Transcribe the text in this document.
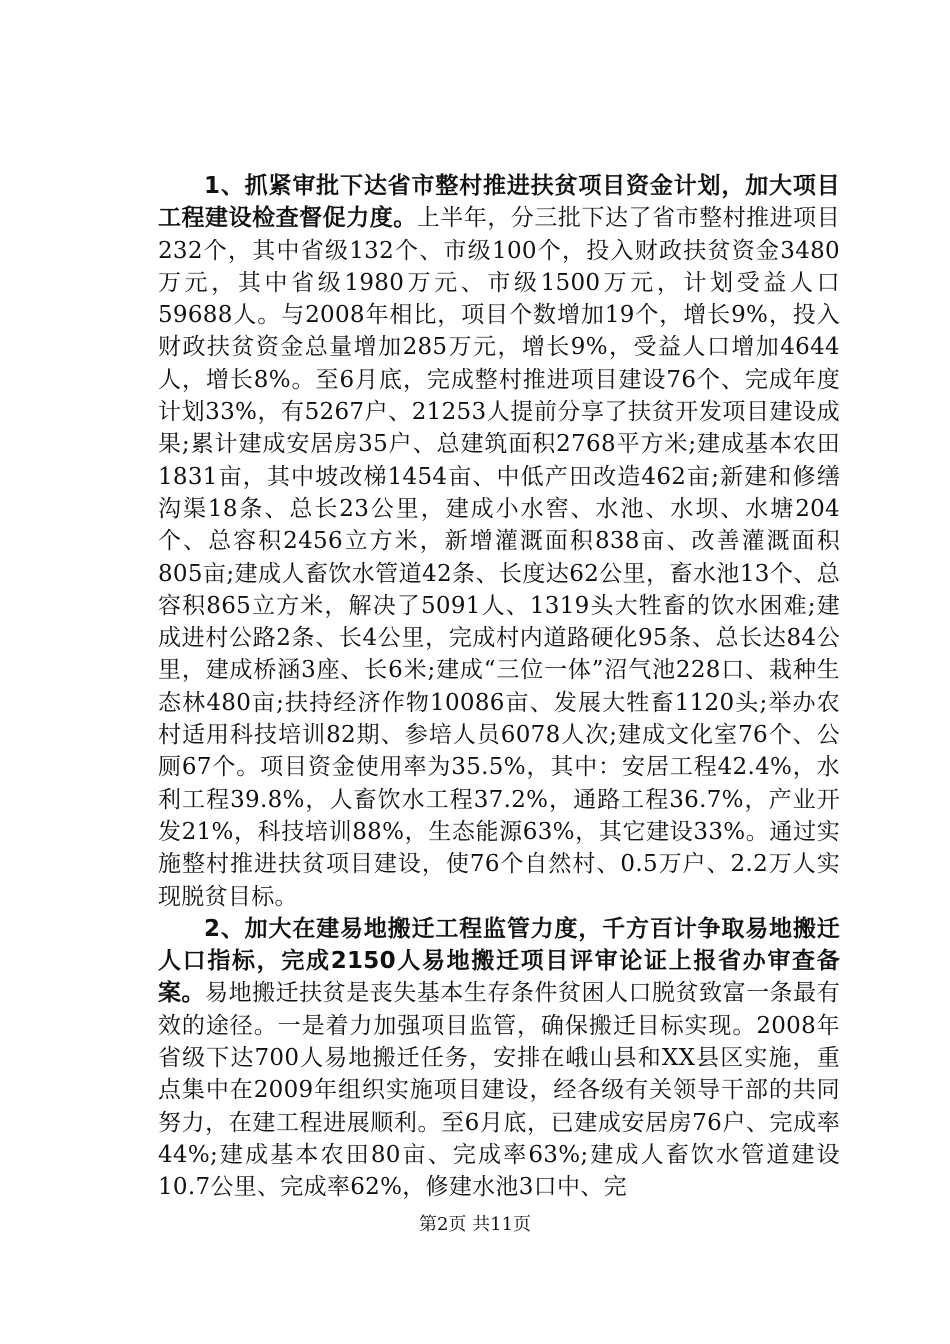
1、抓紧审批下达省市整村推进扶贫项目资金计划，加大项目工程建设检查督促力度。上半年，分三批下达了省市整村推进项目232个，其中省级132个、市级100个，投入财政扶贫资金3480万元，其中省级1980万元、市级1500万元，计划受益人口59688人。与2008年相比，项目个数增加19个，增长9%，投入财政扶贫资金总量增加285万元，增长9%，受益人口增加4644人，增长8%。至6月底，完成整村推进项目建设76个、完成年度计划33%，有5267户、21253人提前分享了扶贫开发项目建设成果;累计建成安居房35户、总建筑面积2768平方米;建成基本农田1831亩，其中坡改梯1454亩、中低产田改造462亩;新建和修缮沟渠18条、总长23公里，建成小水窖、水池、水坝、水塘204个、总容积2456立方米，新增灌溉面积838亩、改善灌溉面积805亩;建成人畜饮水管道42条、长度达62公里，畜水池13个、总容积865立方米，解决了5091人、1319头大牲畜的饮水困难;建成进村公路2条、长4公里，完成村内道路硬化95条、总长达84公里，建成桥涵3座、长6米;建成“三位一体”沼气池228口、栽种生态林480亩;扶持经济作物10086亩、发展大牲畜1120头;举办农村适用科技培训82期、参培人员6078人次;建成文化室76个、公厕67个。项目资金使用率为35.5%，其中：安居工程42.4%，水利工程39.8%，人畜饮水工程37.2%，通路工程36.7%，产业开发21%，科技培训88%，生态能源63%，其它建设33%。通过实施整村推进扶贫项目建设，使76个自然村、0.5万户、2.2万人实现脱贫目标。

2、加大在建易地搬迁工程监管力度，千方百计争取易地搬迁人口指标，完成2150人易地搬迁项目评审论证上报省办审查备案。易地搬迁扶贫是丧失基本生存条件贫困人口脱贫致富一条最有效的途径。一是着力加强项目监管，确保搬迁目标实现。2008年省级下达700人易地搬迁任务，安排在峨山县和XX县区实施，重点集中在2009年组织实施项目建设，经各级有关领导干部的共同努力，在建工程进展顺利。至6月底，已建成安居房76户、完成率44%;建成基本农田80亩、完成率63%;建成人畜饮水管道建设10.7公里、完成率62%，修建水池3口中、完

第2页 共11页
